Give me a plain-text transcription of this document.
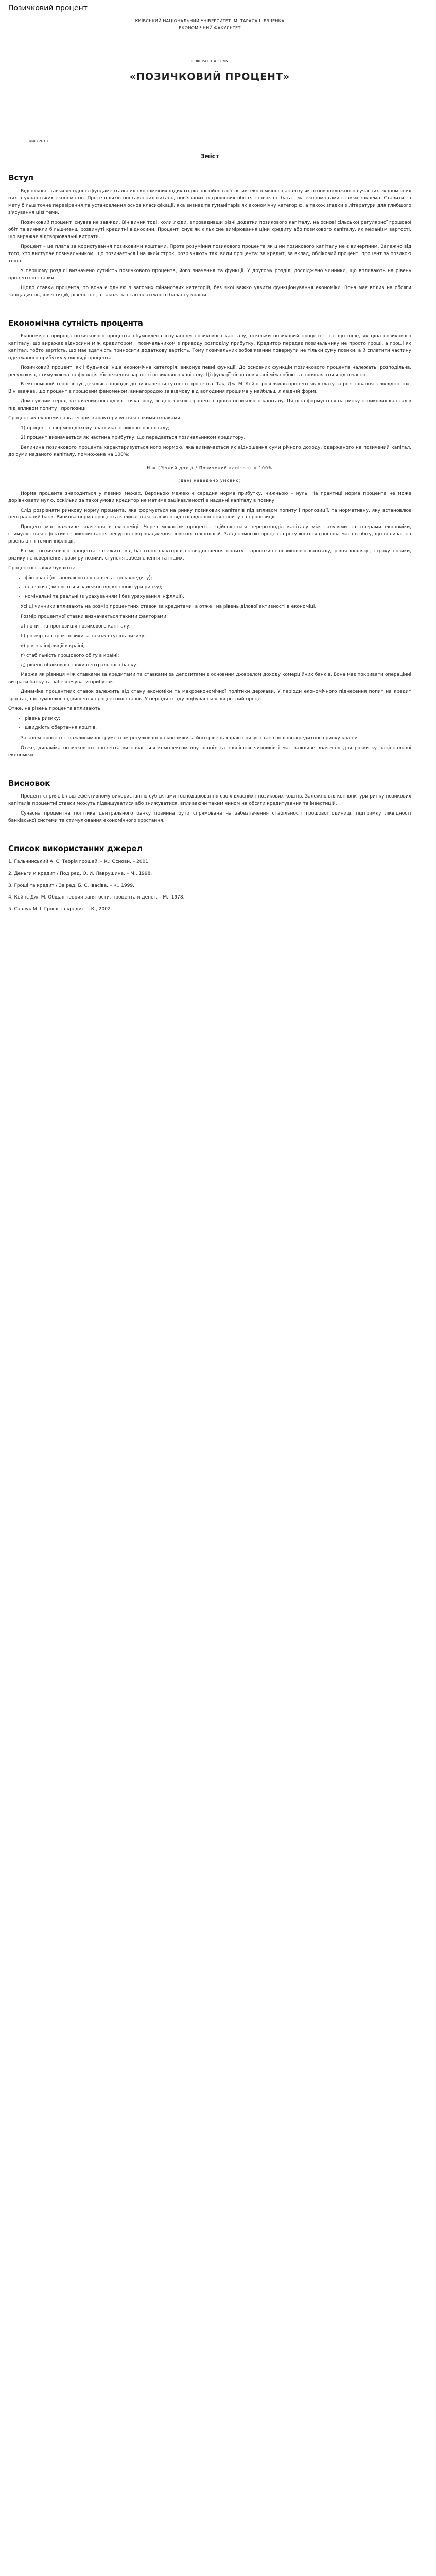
Позичковий процент

КИЇВСЬКИЙ НАЦІОНАЛЬНИЙ УНІВЕРСИТЕТ ІМ. ТАРАСА ШЕВЧЕНКА

ЕКОНОМІЧНИЙ ФАКУЛЬТЕТ

РЕФЕРАТ НА ТЕМУ

«ПОЗИЧКОВИЙ ПРОЦЕНТ»
КИЇВ 2013
Зміст
Вступ

Відсоткові ставки як одні із фундаментальних економічних індикаторів постійно в об'єктиві економічного аналізу як основоположного сучасних економічних цих, і українських економістів. Проте шляхів поставлених питань, пов'язаних із грошових обіття ставок і є багатьма економістами ставки зокрема. Ставити за мету більш точне перевірення та установлення основ класифікації, яка визнає та гуманітарів як економічну категорію, а також згадки з літератури для глибшого з'ясування цієї теми.

Позичковий процент існував не завжди. Він виник тоді, коли люди, впровадивши різні додатки позикового капіталу, на основі сільської регулярної грошової обіт та виникли більш-менш розвинуті кредитні відносини. Процент існує як кількісне вимірювання ціни кредиту або позикового капіталу, як механізм вартості, що виражає відтворювальні витрати.

Процент – це плата за користування позиковими коштами. Проте розуміння позикового процента як ціни позикового капіталу не є вичерпним. Залежно від того, хто виступає позичальником, що позичається і на який строк, розрізняють такі види процента: за кредит, за вклад, обліковий процент, процент за позикою тощо.

У першому розділі визначено сутність позичкового процента, його значення та функції. У другому розділі досліджено чинники, що впливають на рівень процентної ставки.

Щодо ставки процента, то вона є однією з вагомих фінансових категорій, без якої важко уявити функціонування економіки. Вона має вплив на обсяги заощаджень, інвестицій, рівень цін, а також на стан платіжного балансу країни.

Економічна сутність процента

Економічна природа позичкового процента обумовлена існуванням позикового капіталу, оскільки позиковий процент є не що інше, як ціна позикового капіталу, що виражає відносини між кредитором і позичальником з приводу розподілу прибутку. Кредитор передає позичальнику не просто гроші, а гроші як капітал, тобто вартість, що має здатність приносити додаткову вартість. Тому позичальник зобов'язаний повернути не тільки суму позики, а й сплатити частину одержаного прибутку у вигляді процента.

Позичковий процент, як і будь-яка інша економічна категорія, виконує певні функції. До основних функцій позичкового процента належать: розподільча, регулююча, стимулююча та функція збереження вартості позикового капіталу. Ці функції тісно пов'язані між собою та проявляються одночасно.

В економічній теорії існує декілька підходів до визначення сутності процента. Так, Дж. М. Кейнс розглядав процент як «плату за розставання з ліквідністю». Він вважав, що процент є грошовим феноменом, винагородою за відмову від володіння грошима у найбільш ліквідній формі.

Домінуючим серед зазначених поглядів є точка зору, згідно з якою процент є ціною позикового капіталу. Ця ціна формується на ринку позикових капіталів під впливом попиту і пропозиції:

Процент як економічна категорія характеризується такими ознаками:

1) процент є формою доходу власника позикового капіталу;

2) процент визначається як частина прибутку, що передається позичальником кредитору.

Величина позичкового процента характеризується його нормою, яка визначається як відношення суми річного доходу, одержаного на позичений капітал, до суми наданого капіталу, помножене на 100%:

Н = (Річний дохід / Позичений капітал) × 100%
(дані наведено умовно)

Норма процента знаходиться у певних межах. Верхньою межею є середня норма прибутку, нижньою – нуль. На практиці норма процента не може дорівнювати нулю, оскільки за такої умови кредитор не матиме зацікавленості в наданні капіталу в позику.

Слід розрізняти ринкову норму процента, яка формується на ринку позикових капіталів під впливом попиту і пропозиції, та нормативну, яку встановлює центральний банк. Ринкова норма процента коливається залежно від співвідношення попиту та пропозиції.

Процент має важливе значення в економіці. Через механізм процента здійснюється перерозподіл капіталу між галузями та сферами економіки, стимулюється ефективне використання ресурсів і впровадження новітніх технологій. За допомогою процента регулюється грошова маса в обігу, що впливає на рівень цін і темпи інфляції.

Розмір позичкового процента залежить від багатьох факторів: співвідношення попиту і пропозиції позикового капіталу, рівня інфляції, строку позики, ризику неповернення, розміру позики, ступеня забезпечення та інших.

Процентні ставки бувають:

• фіксовані (встановлюються на весь строк кредиту);
• плаваючі (змінюються залежно від кон'юнктури ринку);
• номінальні та реальні (з урахуванням і без урахування інфляції).

Усі ці чинники впливають на розмір процентних ставок за кредитами, а отже і на рівень ділової активності в економіці.

Розмір процентної ставки визначається такими факторами:

а) попит та пропозиція позикового капіталу;

б) розмір та строк позики, а також ступінь ризику;

в) рівень інфляції в країні;

г) стабільність грошового обігу в країні;

д) рівень облікової ставки центрального банку.

Маржа як різниця між ставками за кредитами та ставками за депозитами є основним джерелом доходу комерційних банків. Вона має покривати операційні витрати банку та забезпечувати прибуток.

Динаміка процентних ставок залежить від стану економіки та макроекономічної політики держави. У періоди економічного піднесення попит на кредит зростає, що зумовлює підвищення процентних ставок. У періоди спаду відбувається зворотний процес.

Отже, на рівень процента впливають:

• рівень ризику;
• швидкість обертання коштів.

Загалом процент є важливим інструментом регулювання економіки, а його рівень характеризує стан грошово-кредитного ринку країни.

Отже, динаміка позичкового процента визначається комплексом внутрішніх та зовнішніх чинників і має важливе значення для розвитку національної економіки.

Висновок

Процент сприяє більш ефективному використанню суб'єктами господарювання своїх власних і позикових коштів. Залежно від кон'юнктури ринку позикових капіталів процентні ставки можуть підвищуватися або знижуватися, впливаючи таким чином на обсяги кредитування та інвестицій.

Сучасна процентна політика центрального банку повинна бути спрямована на забезпечення стабільності грошової одиниці, підтримку ліквідності банківської системи та стимулювання економічного зростання.

Список використаних джерел
1. Гальчинський А. С. Теорія грошей. – К.: Основи. – 2001.
2. Деньги и кредит / Под ред. О. И. Лаврушина. – М., 1998.
3. Гроші та кредит / За ред. Б. С. Івасіва. – К., 1999.
4. Кейнс Дж. М. Общая теория занятости, процента и денег. – М., 1978.
5. Савлук М. І. Гроші та кредит. – К., 2002.
